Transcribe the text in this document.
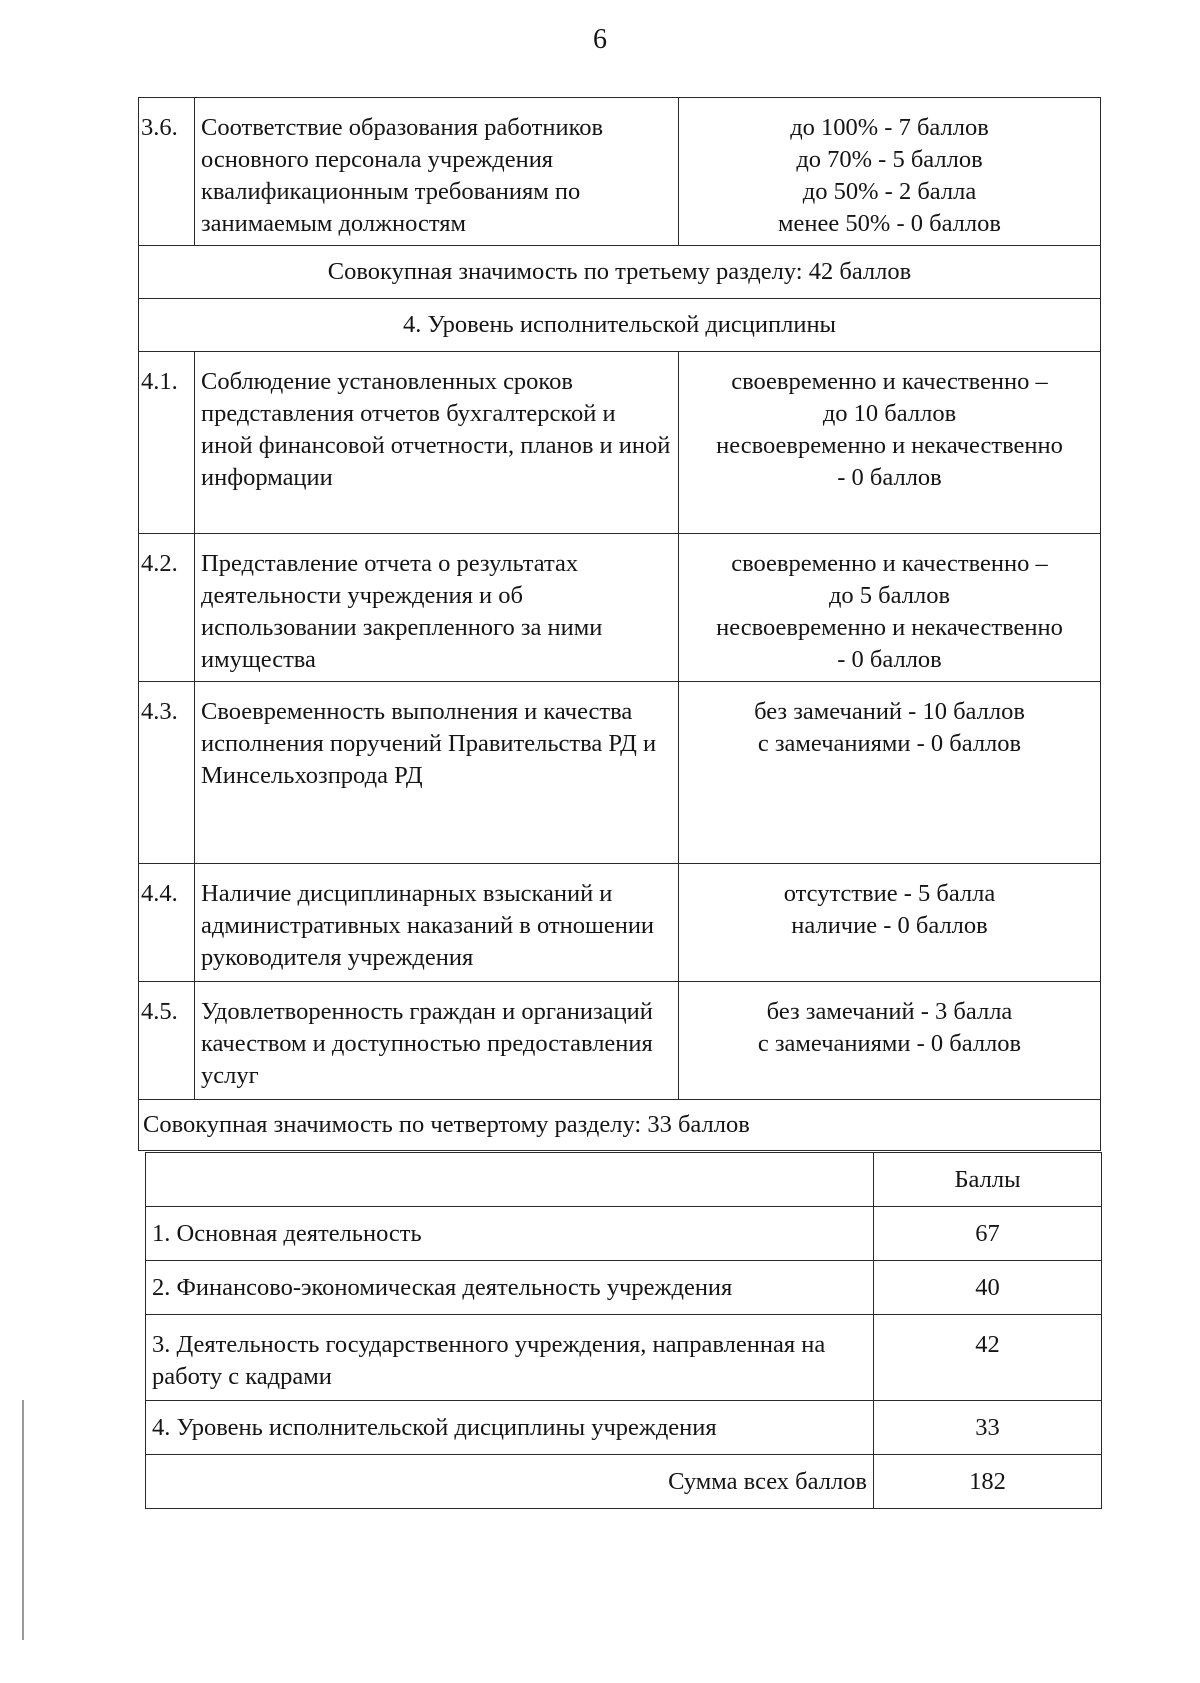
6
3.6.	Соответствие образования работников основного персонала учреждения квалификационным требованиям по занимаемым должностям	до 100% - 7 баллов
до 70% - 5 баллов
до 50% - 2 балла
менее 50% - 0 баллов

Совокупная значимость по третьему разделу: 42 баллов		
4. Уровень исполнительской дисциплины		
4.1.	Соблюдение установленных сроков представления отчетов бухгалтерской и иной финансовой отчетности, планов и иной информации	своевременно и качественно –
до 10 баллов
несвоевременно и некачественно
- 0 баллов

4.2.	Представление отчета о результатах деятельности учреждения и об использовании закрепленного за ними имущества	своевременно и качественно –
до 5 баллов
несвоевременно и некачественно
- 0 баллов

4.3.	Своевременность выполнения и качества исполнения поручений Правительства РД и Минсельхозпрода РД	без замечаний - 10 баллов
с замечаниями - 0 баллов

4.4.	Наличие дисциплинарных взысканий и административных наказаний в отношении руководителя учреждения	отсутствие - 5 балла
наличие - 0 баллов

4.5.	Удовлетворенность граждан и организаций качеством и доступностью предоставления услуг	без замечаний - 3 балла
с замечаниями - 0 баллов

Совокупная значимость по четвертому разделу: 33 баллов		
	Баллы
1. Основная деятельность	67
2. Финансово-экономическая деятельность учреждения	40
3. Деятельность государственного учреждения, направленная на работу с кадрами	42
4. Уровень исполнительской дисциплины учреждения	33
Сумма всех баллов	182
